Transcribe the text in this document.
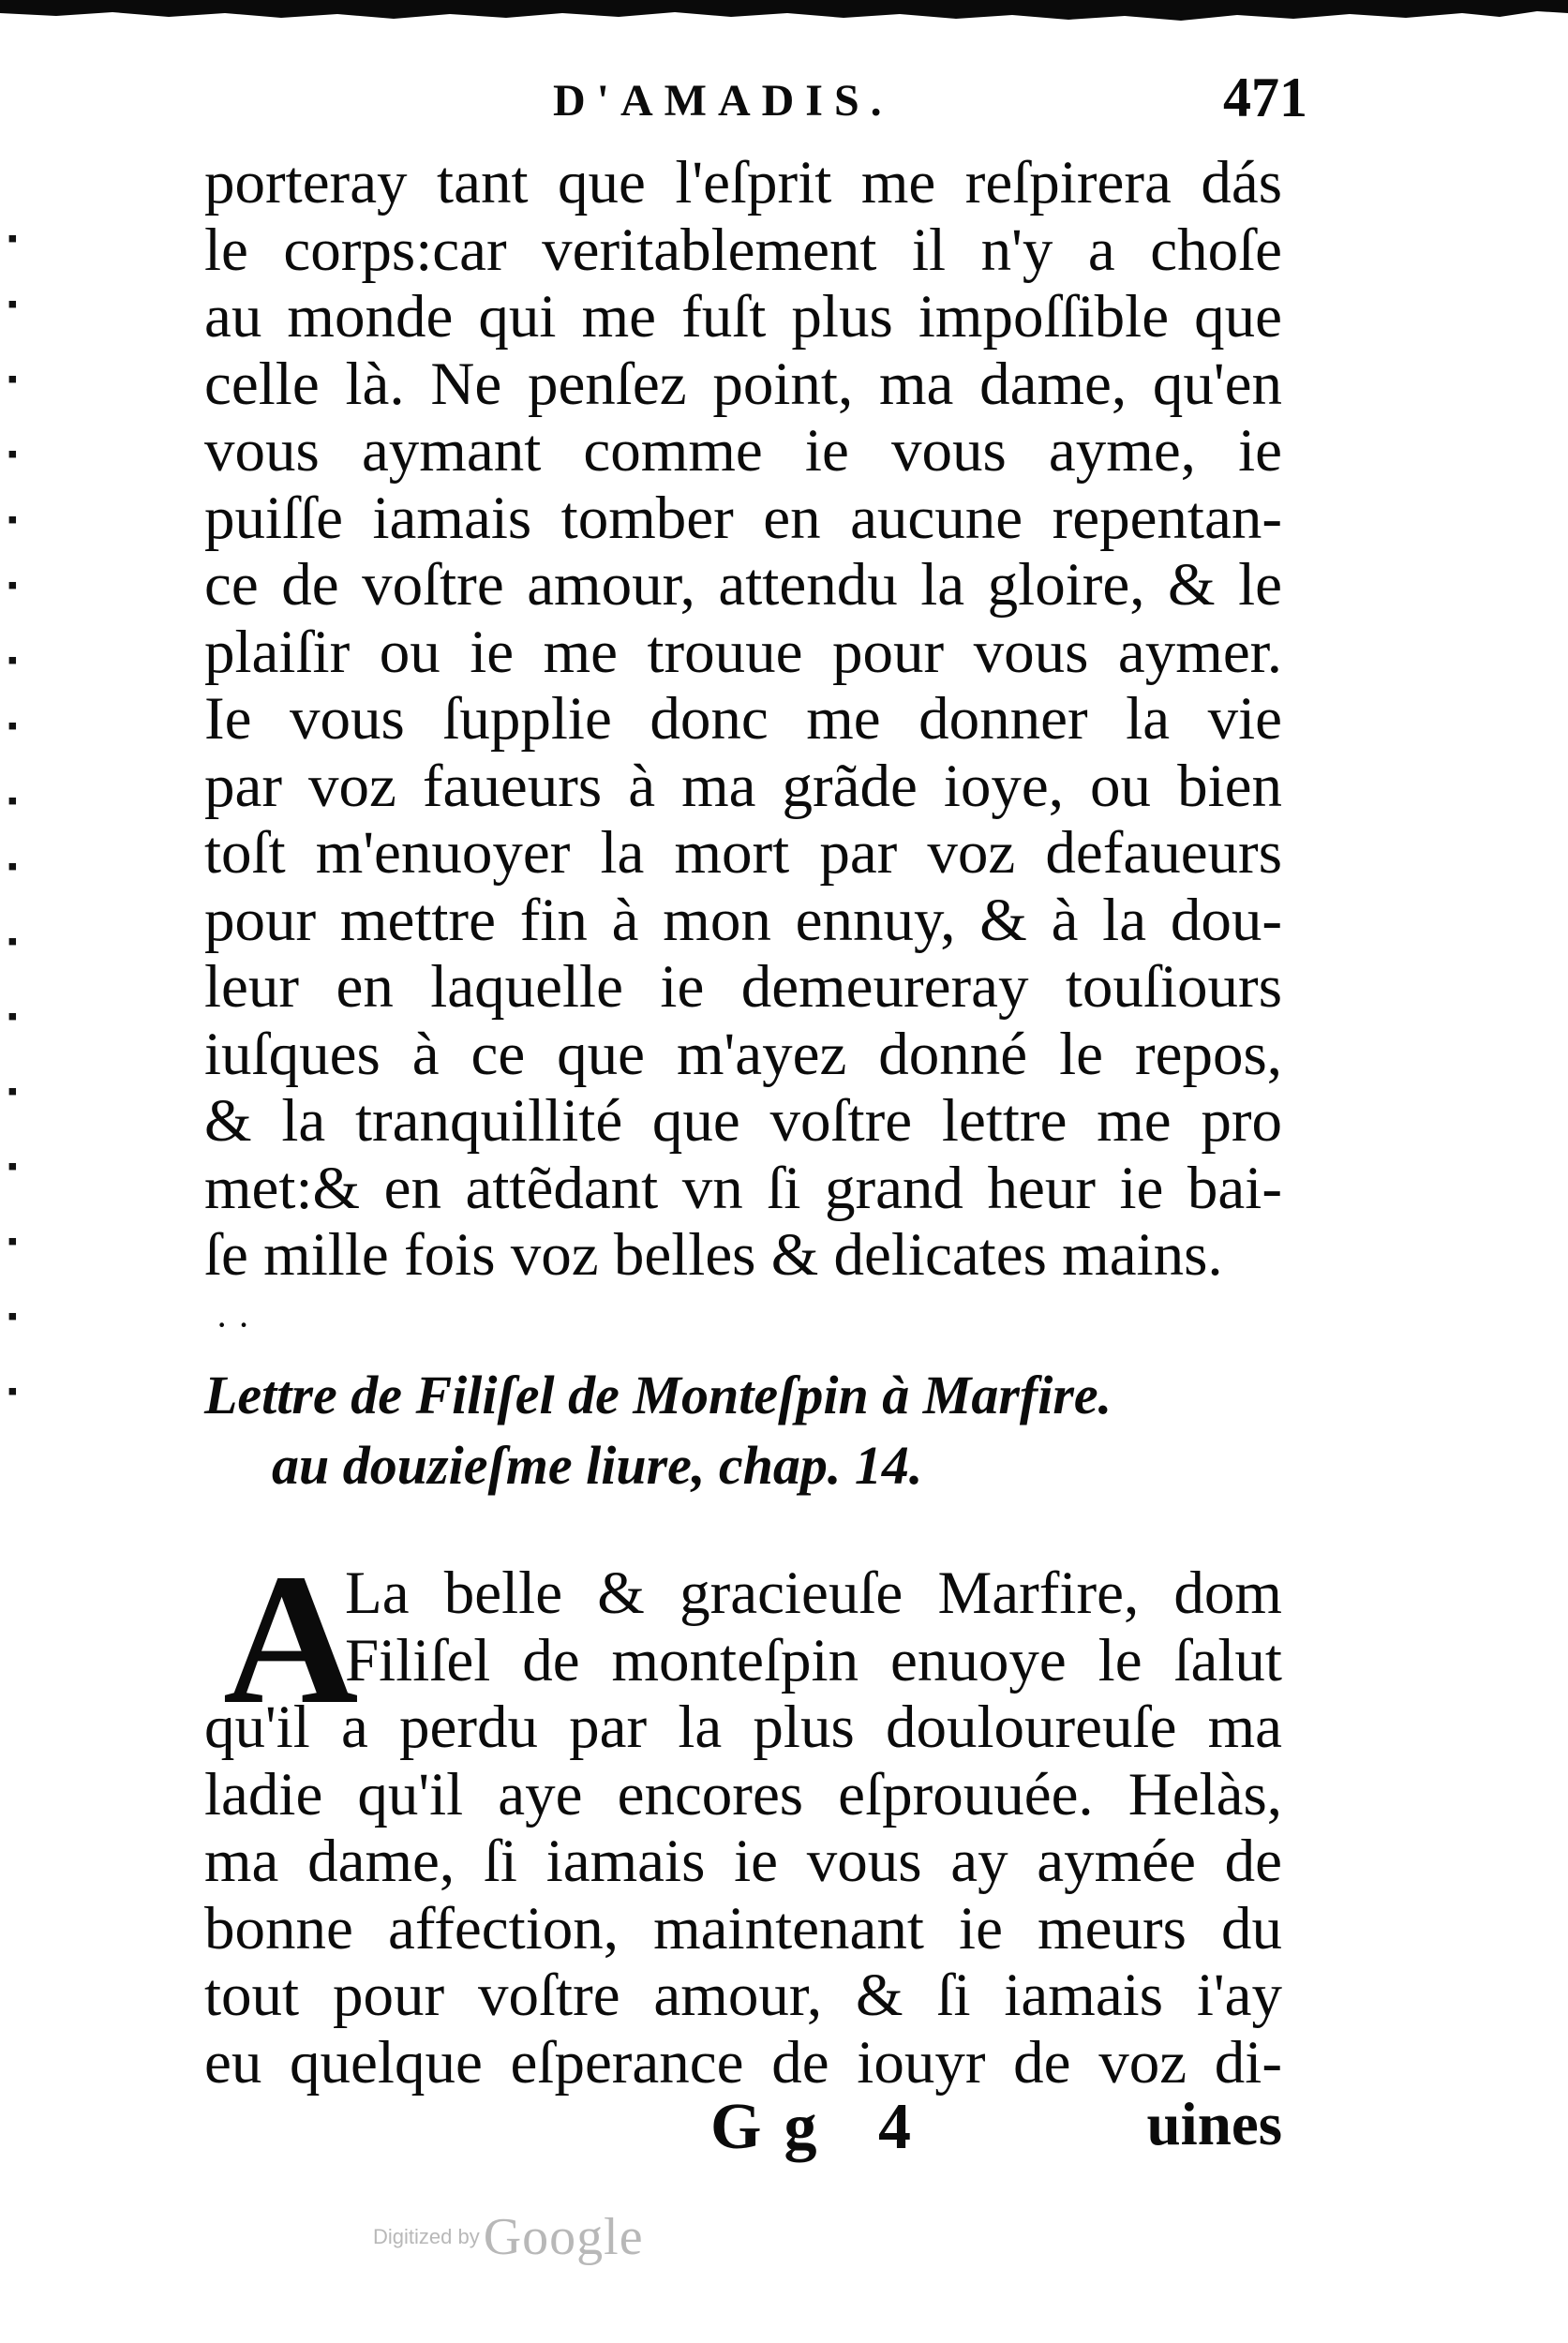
▪
▪
▪
▪
▪
▪
▪
▪
▪
▪
▪
▪
▪
▪
▪
▪
▪
D'AMADIS.	471
porteray tant que l'eſprit me reſpirera dás
le corps:car veritablement il n'y a choſe
au monde qui me fuſt plus impoſſible que
celle là. Ne penſez point, ma dame, qu'en
vous aymant comme ie vous ayme, ie
puiſſe iamais tomber en aucune repentan-
ce de voſtre amour, attendu la gloire, & le
plaiſir ou ie me trouue pour vous aymer.
Ie vous ſupplie donc me donner la vie
par voz faueurs à ma grãde ioye, ou bien
toſt m'enuoyer la mort par voz defaueurs
pour mettre fin à mon ennuy, & à la dou-
leur en laquelle ie demeureray touſiours
iuſques à ce que m'ayez donné le repos,
& la tranquillité que voſtre lettre me pro
met:& en attẽdant vn ſi grand heur ie bai-
ſe mille fois voz belles & delicates mains.
· ·
Lettre de Filiſel de Monteſpin à Marfire.
au douzieſme liure, chap. 14.
A
La belle & gracieuſe Marfire, dom
Filiſel de monteſpin enuoye le ſalut
qu'il a perdu par la plus douloureuſe ma
ladie qu'il aye encores eſprouuée. Helàs,
ma dame, ſi iamais ie vous ay aymée de
bonne affection, maintenant ie meurs du
tout pour voſtre amour, & ſi iamais i'ay
eu quelque eſperance de iouyr de voz di-
Gg 4	uines
Digitized by Google
